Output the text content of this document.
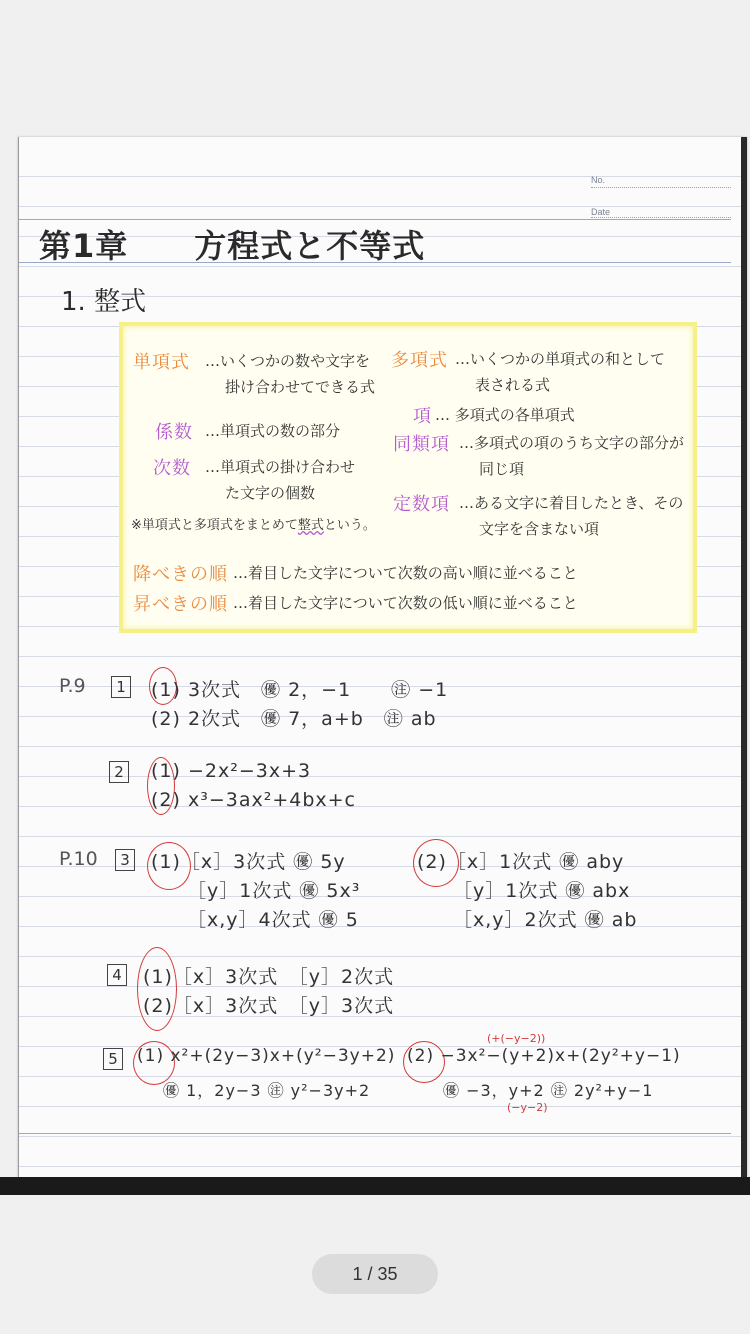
No.
Date
第1章　　方程式と不等式
1. 整式
単項式 …いくつかの数や文字を
掛け合わせてできる式
多項式 …いくつかの単項式の和として
表される式
係数 …単項式の数の部分
項 … 多項式の各単項式
次数 …単項式の掛け合わせ
た文字の個数
同類項 …多項式の項のうち文字の部分が
同じ項
定数項 …ある文字に着目したとき、その
文字を含まない項
※単項式と多項式をまとめて整式という。
降べきの順 …着目した文字について次数の高い順に並べること
昇べきの順 …着目した文字について次数の低い順に並べること
P.9	1 (1) 3次式　㊝ 2，−1　　㊟ −1
(2) 2次式　㊝ 7，a+b　㊟ ab
2 (1) −2x²−3x+3
(2) x³−3ax²+4bx+c
P.10	3 (1)［x］3次式 ㊝ 5y
［y］1次式 ㊝ 5x³
［x,y］4次式 ㊝ 5
(2)［x］1次式 ㊝ aby
［y］1次式 ㊝ abx
［x,y］2次式 ㊝ ab
4 (1)［x］3次式　［y］2次式
(2)［x］3次式　［y］3次式
5	(1) x²+(2y−3)x+(y²−3y+2)
㊝ 1，2y−3 ㊟ y²−3y+2
(+(−y−2))
(2) −3x²−(y+2)x+(2y²+y−1)
㊝ −3，y+2 ㊟ 2y²+y−1
(−y−2)
1 / 35
